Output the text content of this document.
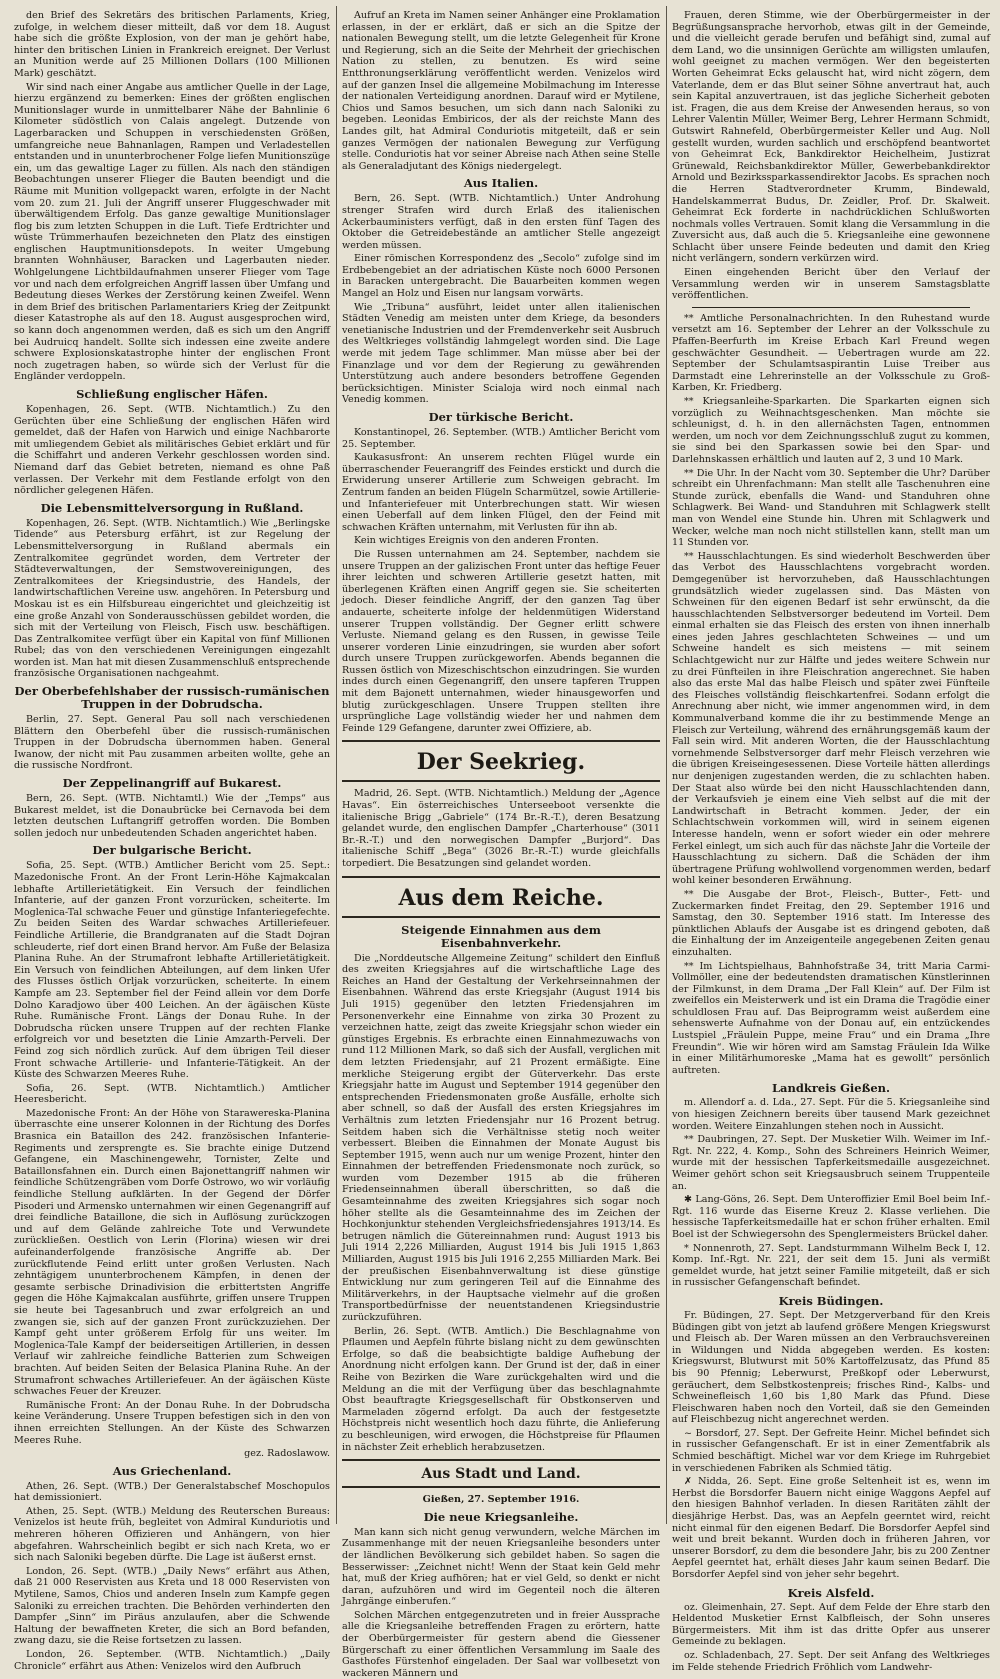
den Brief des Sekretärs des britischen Parlaments, Krieg, zufolge, in welchem dieser mitteilt, daß vor dem 18. August habe sich die größte Explosion, von der man je gehört habe, hinter den britischen Linien in Frankreich ereignet. Der Verlust an Munition werde auf 25 Millionen Dollars (100 Millionen Mark) geschätzt.

Wir sind nach einer Angabe aus amtlicher Quelle in der Lage, hierzu ergänzend zu bemerken: Eines der größten englischen Munitionslager wurde in unmittelbarer Nähe der Bahnlinie 6 Kilometer südöstlich von Calais angelegt. Dutzende von Lagerbaracken und Schuppen in verschiedensten Größen, umfangreiche neue Bahnanlagen, Rampen und Verladestellen entstanden und in ununterbrochener Folge liefen Munitionszüge ein, um das gewaltige Lager zu füllen. Als nach den ständigen Beobachtungen unserer Flieger die Bauten beendigt und die Räume mit Munition vollgepackt waren, erfolgte in der Nacht vom 20. zum 21. Juli der Angriff unserer Fluggeschwader mit überwältigendem Erfolg. Das ganze gewaltige Munitionslager flog bis zum letzten Schuppen in die Luft. Tiefe Erdtrichter und wüste Trümmerhaufen bezeichneten den Platz des einstigen englischen Hauptmunitionsdepots. In weiter Umgebung brannten Wohnhäuser, Baracken und Lagerbauten nieder. Wohlgelungene Lichtbildaufnahmen unserer Flieger vom Tage vor und nach dem erfolgreichen Angriff lassen über Umfang und Bedeutung dieses Werkes der Zerstörung keinen Zweifel. Wenn in dem Brief des britischen Parlamentariers Krieg der Zeitpunkt dieser Katastrophe als auf den 18. August ausgesprochen wird, so kann doch angenommen werden, daß es sich um den Angriff bei Audruicq handelt. Sollte sich indessen eine zweite andere schwere Explosionskatastrophe hinter der englischen Front noch zugetragen haben, so würde sich der Verlust für die Engländer verdoppeln.

Schließung englischer Häfen.

Kopenhagen, 26. Sept. (WTB. Nichtamtlich.) Zu den Gerüchten über eine Schließung der englischen Häfen wird gemeldet, daß der Hafen von Harwich und einige Nachbarorte mit umliegendem Gebiet als militärisches Gebiet erklärt und für die Schiffahrt und anderen Verkehr geschlossen worden sind. Niemand darf das Gebiet betreten, niemand es ohne Paß verlassen. Der Verkehr mit dem Festlande erfolgt von den nördlicher gelegenen Häfen.

Die Lebensmittelversorgung in Rußland.

Kopenhagen, 26. Sept. (WTB. Nichtamtlich.) Wie „Berlingske Tidende“ aus Petersburg erfährt, ist zur Regelung der Lebensmittelversorgung in Rußland abermals ein Zentralkomitee gegründet worden, dem Vertreter der Städteverwaltungen, der Semstwovereinigungen, des Zentralkomitees der Kriegsindustrie, des Handels, der landwirtschaftlichen Vereine usw. angehören. In Petersburg und Moskau ist es ein Hilfsbureau eingerichtet und gleichzeitig ist eine große Anzahl von Sonderausschüssen gebildet worden, die sich mit der Verteilung von Fleisch, Fisch usw. beschäftigen. Das Zentralkomitee verfügt über ein Kapital von fünf Millionen Rubel; das von den verschiedenen Vereinigungen eingezahlt worden ist. Man hat mit diesen Zusammenschluß entsprechende französische Organisationen nachgeahmt.

Der Oberbefehlshaber der russisch-rumänischen Truppen in der Dobrudscha.

Berlin, 27. Sept. General Pau soll nach verschiedenen Blättern den Oberbefehl über die russisch-rumänischen Truppen in der Dobrudscha übernommen haben. General Iwanow, der nicht mit Pau zusammen arbeiten wollte, gehe an die russische Nordfront.

Der Zeppelinangriff auf Bukarest.

Bern, 26. Sept. (WTB. Nichtamtl.) Wie der „Temps“ aus Bukarest meldet, ist die Donaubrücke bei Cernavoda bei dem letzten deutschen Luftangriff getroffen worden. Die Bomben sollen jedoch nur unbedeutenden Schaden angerichtet haben.

Der bulgarische Bericht.

Sofia, 25. Sept. (WTB.) Amtlicher Bericht vom 25. Sept.: Mazedonische Front. An der Front Lerin-Höhe Kajmakcalan lebhafte Artillerietätigkeit. Ein Versuch der feindlichen Infanterie, auf der ganzen Front vorzurücken, scheiterte. Im Moglenica-Tal schwache Feuer und günstige Infanteriegefechte. Zu beiden Seiten des Wardar schwaches Artilleriefeuer. Feindliche Artillerie, die Brandgranaten auf die Stadt Dojran schleuderte, rief dort einen Brand hervor. Am Fuße der Belasiza Planina Ruhe. An der Strumafront lebhafte Artillerietätigkeit. Ein Versuch von feindlichen Abteilungen, auf dem linken Ufer des Flusses östlich Orljak vorzurücken, scheiterte. In einem Kampfe am 23. September fiel der Feind allein vor dem Dorfe Dolno Karadjowo über 400 Leichen. An der ägäischen Küste Ruhe. Rumänische Front. Längs der Donau Ruhe. In der Dobrudscha rücken unsere Truppen auf der rechten Flanke erfolgreich vor und besetzten die Linie Amzarth-Perveli. Der Feind zog sich nördlich zurück. Auf dem übrigen Teil dieser Front schwache Artillerie- und Infanterie-Tätigkeit. An der Küste des Schwarzen Meeres Ruhe.

Sofia, 26. Sept. (WTB. Nichtamtlich.) Amtlicher Heeresbericht.

Mazedonische Front: An der Höhe von Starawereska-Planina überraschte eine unserer Kolonnen in der Richtung des Dorfes Brasnica ein Bataillon des 242. französischen Infanterie-Regiments und zersprengte es. Sie brachte einige Dutzend Gefangene, ein Maschinengewehr, Tornister, Zelte und Bataillonsfahnen ein. Durch einen Bajonettangriff nahmen wir feindliche Schützengräben vom Dorfe Ostrowo, wo wir vorläufig feindliche Stellung aufklärten. In der Gegend der Dörfer Pisoderi und Armensko unternahmen wir einen Gegenangriff auf drei feindliche Bataillone, die sich in Auflösung zurückzogen und auf dem Gelände zahlreiche Tote und Verwundete zurückließen. Oestlich von Lerin (Florina) wiesen wir drei aufeinanderfolgende französische Angriffe ab. Der zurückflutende Feind erlitt unter großen Verlusten. Nach zehntägigem ununterbrochenem Kämpfen, in denen der gesamte serbische Drinadivision die erbittertsten Angriffe gegen die Höhe Kajmakcalan ausführte, griffen unsere Truppen sie heute bei Tagesanbruch und zwar erfolgreich an und zwangen sie, sich auf der ganzen Front zurückzuziehen. Der Kampf geht unter größerem Erfolg für uns weiter. Im Moglenica-Tale Kampf der beiderseitigen Artillerien, in dessen Verlauf wir zahlreiche feindliche Batterien zum Schweigen brachten. Auf beiden Seiten der Belasica Planina Ruhe. An der Strumafront schwaches Artilleriefeuer. An der ägäischen Küste schwaches Feuer der Kreuzer.

Rumänische Front: An der Donau Ruhe. In der Dobrudscha keine Veränderung. Unsere Truppen befestigen sich in den von ihnen erreichten Stellungen. An der Küste des Schwarzen Meeres Ruhe.

gez. Radoslawow.

Aus Griechenland.

Athen, 26. Sept. (WTB.) Der Generalstabschef Moschopulos hat demissioniert.

Athen, 25. Sept. (WTB.) Meldung des Reuterschen Bureaus: Venizelos ist heute früh, begleitet von Admiral Kunduriotis und mehreren höheren Offizieren und Anhängern, von hier abgefahren. Wahrscheinlich begibt er sich nach Kreta, wo er sich nach Saloniki begeben dürfte. Die Lage ist äußerst ernst.

London, 26. Sept. (WTB.) „Daily News“ erfährt aus Athen, daß 21 000 Reservisten aus Kreta und 18 000 Reservisten von Mytilene, Samos, Chios und anderen Inseln zum Kampfe gegen Saloniki zu erreichen trachten. Die Behörden verhinderten den Dampfer „Sinn“ im Piräus anzulaufen, aber die Schwende Haltung der bewaffneten Kreter, die sich an Bord befanden, zwang dazu, sie die Reise fortsetzen zu lassen.

London, 26. September. (WTB. Nichtamtlich.) „Daily Chronicle“ erfährt aus Athen: Venizelos wird den Aufbruch

Aufruf an Kreta im Namen seiner Anhänger eine Proklamation erlassen, in der er erklärt, daß er sich an die Spitze der nationalen Bewegung stellt, um die letzte Gelegenheit für Krone und Regierung, sich an die Seite der Mehrheit der griechischen Nation zu stellen, zu benutzen. Es wird seine Entthronungserklärung veröffentlicht werden. Venizelos wird auf der ganzen Insel die allgemeine Mobilmachung im Interesse der nationalen Verteidigung anordnen. Darauf wird er Mytilene, Chios und Samos besuchen, um sich dann nach Saloniki zu begeben. Leonidas Embiricos, der als der reichste Mann des Landes gilt, hat Admiral Conduriotis mitgeteilt, daß er sein ganzes Vermögen der nationalen Bewegung zur Verfügung stelle. Conduriotis hat vor seiner Abreise nach Athen seine Stelle als Generaladjutant des Königs niedergelegt.

Aus Italien.

Bern, 26. Sept. (WTB. Nichtamtlich.) Unter Androhung strenger Strafen wird durch Erlaß des italienischen Ackerbauministers verfügt, daß in den ersten fünf Tagen des Oktober die Getreidebestände an amtlicher Stelle angezeigt werden müssen.

Einer römischen Korrespondenz des „Secolo“ zufolge sind im Erdbebengebiet an der adriatischen Küste noch 6000 Personen in Baracken untergebracht. Die Bauarbeiten kommen wegen Mangel an Holz und Eisen nur langsam vorwärts.

Wie „Tribuna“ ausführt, leidet unter allen italienischen Städten Venedig am meisten unter dem Kriege, da besonders venetianische Industrien und der Fremdenverkehr seit Ausbruch des Weltkrieges vollständig lahmgelegt worden sind. Die Lage werde mit jedem Tage schlimmer. Man müsse aber bei der Finanzlage und vor dem der Regierung zu gewährenden Unterstützung auch andere besonders betroffene Gegenden berücksichtigen. Minister Scialoja wird noch einmal nach Venedig kommen.

Der türkische Bericht.

Konstantinopel, 26. September. (WTB.) Amtlicher Bericht vom 25. September.

Kaukasusfront: An unserem rechten Flügel wurde ein überraschender Feuerangriff des Feindes erstickt und durch die Erwiderung unserer Artillerie zum Schweigen gebracht. Im Zentrum fanden an beiden Flügeln Scharmützel, sowie Artillerie- und Infanteriefeuer mit Unterbrechungen statt. Wir wiesen einen Ueberfall auf dem linken Flügel, den der Feind mit schwachen Kräften unternahm, mit Verlusten für ihn ab.

Kein wichtiges Ereignis von den anderen Fronten.

Die Russen unternahmen am 24. September, nachdem sie unsere Truppen an der galizischen Front unter das heftige Feuer ihrer leichten und schweren Artillerie gesetzt hatten, mit überlegenen Kräften einen Angriff gegen sie. Sie scheiterten jedoch. Dieser feindliche Angriff, der den ganzen Tag über andauerte, scheiterte infolge der heldenmütigen Widerstand unserer Truppen vollständig. Der Gegner erlitt schwere Verluste. Niemand gelang es den Russen, in gewisse Teile unserer vorderen Linie einzudringen, sie wurden aber sofort durch unsere Truppen zurückgeworfen. Abends begannen die Russen östlich von Mizeschischtschon einzudringen. Sie wurden indes durch einen Gegenangriff, den unsere tapferen Truppen mit dem Bajonett unternahmen, wieder hinausgeworfen und blutig zurückgeschlagen. Unsere Truppen stellten ihre ursprüngliche Lage vollständig wieder her und nahmen dem Feinde 129 Gefangene, darunter zwei Offiziere, ab.

Der Seekrieg.

Madrid, 26. Sept. (WTB. Nichtamtlich.) Meldung der „Agence Havas“. Ein österreichisches Unterseeboot versenkte die italienische Brigg „Gabriele“ (174 Br.-R.-T.), deren Besatzung gelandet wurde, den englischen Dampfer „Charterhouse“ (3011 Br.-R.-T.) und den norwegischen Dampfer „Burjord“. Das italienische Schiff „Bega“ (3026 Br.-R.-T.) wurde gleichfalls torpediert. Die Besatzungen sind gelandet worden.

Aus dem Reiche.
Steigende Einnahmen aus dem Eisenbahnverkehr.

Die „Norddeutsche Allgemeine Zeitung“ schildert den Einfluß des zweiten Kriegsjahres auf die wirtschaftliche Lage des Reiches an Hand der Gestaltung der Verkehrseinnahmen der Eisenbahnen. Während das erste Kriegsjahr (August 1914 bis Juli 1915) gegenüber den letzten Friedensjahren im Personenverkehr eine Einnahme von zirka 30 Prozent zu verzeichnen hatte, zeigt das zweite Kriegsjahr schon wieder ein günstiges Ergebnis. Es erbrachte einen Einnahmezuwachs von rund 112 Millionen Mark, so daß sich der Ausfall, verglichen mit dem letzten Friedensjahr, auf 21 Prozent ermäßigte. Eine merkliche Steigerung ergibt der Güterverkehr. Das erste Kriegsjahr hatte im August und September 1914 gegenüber den entsprechenden Friedensmonaten große Ausfälle, erholte sich aber schnell, so daß der Ausfall des ersten Kriegsjahres im Verhältnis zum letzten Friedensjahr nur 16 Prozent betrug. Seitdem haben sich die Verhältnisse stetig noch weiter verbessert. Bleiben die Einnahmen der Monate August bis September 1915, wenn auch nur um wenige Prozent, hinter den Einnahmen der betreffenden Friedensmonate noch zurück, so wurden vom Dezember 1915 ab die früheren Friedenseinnahmen überall überschritten, so daß die Gesamteinnahme des zweiten Kriegsjahres sich sogar noch höher stellte als die Gesamteinnahme des im Zeichen der Hochkonjunktur stehenden Vergleichsfriedensjahres 1913/14. Es betrugen nämlich die Gütereinnahmen rund: August 1913 bis Juli 1914 2,226 Milliarden, August 1914 bis Juli 1915 1,863 Milliarden, August 1915 bis Juli 1916 2,255 Milliarden Mark. Bei der preußischen Eisenbahnverwaltung ist diese günstige Entwicklung nur zum geringeren Teil auf die Einnahme des Militärverkehrs, in der Hauptsache vielmehr auf die großen Transportbedürfnisse der neuentstandenen Kriegsindustrie zurückzuführen.

Berlin, 26. Sept. (WTB. Amtlich.) Die Beschlagnahme von Pflaumen und Aepfeln führte bislang nicht zu dem gewünschten Erfolge, so daß die beabsichtigte baldige Aufhebung der Anordnung nicht erfolgen kann. Der Grund ist der, daß in einer Reihe von Bezirken die Ware zurückgehalten wird und die Meldung an die mit der Verfügung über das beschlagnahmte Obst beauftragte Kriegsgesellschaft für Obstkonserven und Marmeladen zögernd erfolgt. Da auch der festgesetzte Höchstpreis nicht wesentlich hoch dazu führte, die Anlieferung zu beschleunigen, wird erwogen, die Höchstpreise für Pflaumen in nächster Zeit erheblich herabzusetzen.

Aus Stadt und Land.

Gießen, 27. September 1916.

Die neue Kriegsanleihe.

Man kann sich nicht genug verwundern, welche Märchen im Zusammenhange mit der neuen Kriegsanleihe besonders unter der ländlichen Bevölkerung sich gebildet haben. So sagen die Besserwisser: „Zeichnet nicht! Wenn der Staat kein Geld mehr hat, muß der Krieg aufhören; hat er viel Geld, so denkt er nicht daran, aufzuhören und wird im Gegenteil noch die älteren Jahrgänge einberufen.“

Solchen Märchen entgegenzutreten und in freier Aussprache alle die Kriegsanleihe betreffenden Fragen zu erörtern, hatte der Oberbürgermeister für gestern abend die Giessener Bürgerschaft zu einer öffentlichen Versammlung im Saale des Gasthofes Fürstenhof eingeladen. Der Saal war vollbesetzt von wackeren Männern und

Frauen, deren Stimme, wie der Oberbürgermeister in der Begrüßungsansprache hervorhob, etwas gilt in der Gemeinde, und die vielleicht gerade berufen und befähigt sind, zumal auf dem Land, wo die unsinnigen Gerüchte am willigsten umlaufen, wohl geeignet zu machen vermögen. Wer den begeisterten Worten Geheimrat Ecks gelauscht hat, wird nicht zögern, dem Vaterlande, dem er das Blut seiner Söhne anvertraut hat, auch sein Kapital anzuvertrauen, ist das jegliche Sicherheit geboten ist. Fragen, die aus dem Kreise der Anwesenden heraus, so von Lehrer Valentin Müller, Weimer Berg, Lehrer Hermann Schmidt, Gutswirt Rahnefeld, Oberbürgermeister Keller und Aug. Noll gestellt wurden, wurden sachlich und erschöpfend beantwortet von Geheimrat Eck, Bankdirektor Heichelheim, Justizrat Grünewald, Reichsbankdirektor Müller, Gewerbebankdirektor Arnold und Bezirkssparkassendirektor Jacobs. Es sprachen noch die Herren Stadtverordneter Krumm, Bindewald, Handelskammerrat Budus, Dr. Zeidler, Prof. Dr. Skalweit. Geheimrat Eck forderte in nachdrücklichen Schlußworten nochmals volles Vertrauen. Somit klang die Versammlung in die Zuversicht aus, daß auch die 5. Kriegsanleihe eine gewonnene Schlacht über unsere Feinde bedeuten und damit den Krieg nicht verlängern, sondern verkürzen wird.

Einen eingehenden Bericht über den Verlauf der Versammlung werden wir in unserem Samstagsblatte veröffentlichen.

** Amtliche Personalnachrichten. In den Ruhestand wurde versetzt am 16. September der Lehrer an der Volksschule zu Pfaffen-Beerfurth im Kreise Erbach Karl Freund wegen geschwächter Gesundheit. — Uebertragen wurde am 22. September der Schulamtsaspirantin Luise Treiber aus Darmstadt eine Lehrerinstelle an der Volksschule zu Groß-Karben, Kr. Friedberg.

** Kriegsanleihe-Sparkarten. Die Sparkarten eignen sich vorzüglich zu Weihnachtsgeschenken. Man möchte sie schleunigst, d. h. in den allernächsten Tagen, entnommen werden, um noch vor dem Zeichnungsschluß zugut zu kommen, sie sind bei den Sparkassen sowie bei den Spar- und Darlehnskassen erhältlich und lauten auf 2, 3 und 10 Mark.

** Die Uhr. In der Nacht vom 30. September die Uhr? Darüber schreibt ein Uhrenfachmann: Man stellt alle Taschenuhren eine Stunde zurück, ebenfalls die Wand- und Standuhren ohne Schlagwerk. Bei Wand- und Standuhren mit Schlagwerk stellt man von Wendel eine Stunde hin. Uhren mit Schlagwerk und Wecker, welche man noch nicht stillstellen kann, stellt man um 11 Stunden vor.

** Hausschlachtungen. Es sind wiederholt Beschwerden über das Verbot des Hausschlachtens vorgebracht worden. Demgegenüber ist hervorzuheben, daß Hausschlachtungen grundsätzlich wieder zugelassen sind. Das Mästen von Schweinen für den eigenen Bedarf ist sehr erwünscht, da die hausschlachtenden Selbstversorger bedeutend im Vorteil. Dem einmal erhalten sie das Fleisch des ersten von ihnen innerhalb eines jeden Jahres geschlachteten Schweines — und um Schweine handelt es sich meistens — mit seinem Schlachtgewicht nur zur Hälfte und jedes weitere Schwein nur zu drei Fünfteilen in ihre Fleischration angerechnet. Sie haben also das erste Mal das halbe Fleisch und später zwei Fünfteile des Fleisches vollständig fleischkartenfrei. Sodann erfolgt die Anrechnung aber nicht, wie immer angenommen wird, in dem Kommunalverband komme die ihr zu bestimmende Menge an Fleisch zur Verteilung, während des ernährungsgemäß kaum der Fall sein wird. Mit anderen Worten, die der Hausschlachtung vornehmende Selbstversorger darf mehr Fleisch verzehren wie die übrigen Kreiseingesessenen. Diese Vorteile hätten allerdings nur denjenigen zugestanden werden, die zu schlachten haben. Der Staat also würde bei den nicht Hausschlachtenden dann, der Verkaufsvieh je einem eine Vieh selbst auf die mit der Landwirtschaft in Betracht kommen. Jeder, der ein Schlachtschwein vorkommen will, wird in seinem eigenen Interesse handeln, wenn er sofort wieder ein oder mehrere Ferkel einlegt, um sich auch für das nächste Jahr die Vorteile der Hausschlachtung zu sichern. Daß die Schäden der ihm übertragene Prüfung wohlwollend vorgenommen werden, bedarf wohl keiner besonderen Erwähnung.

** Die Ausgabe der Brot-, Fleisch-, Butter-, Fett- und Zuckermarken findet Freitag, den 29. September 1916 und Samstag, den 30. September 1916 statt. Im Interesse des pünktlichen Ablaufs der Ausgabe ist es dringend geboten, daß die Einhaltung der im Anzeigenteile angegebenen Zeiten genau einzuhalten.

** Im Lichtspielhaus, Bahnhofstraße 34, tritt Maria Carmi-Vollmöller, eine der bedeutendsten dramatischen Künstlerinnen der Filmkunst, in dem Drama „Der Fall Klein“ auf. Der Film ist zweifellos ein Meisterwerk und ist ein Drama die Tragödie einer schuldlosen Frau auf. Das Beiprogramm weist außerdem eine sehenswerte Aufnahme von der Donau auf, ein entzückendes Lustspiel „Fräulein Puppe, meine Frau“ und ein Drama „Ihre Freundin“. Wie wir hören wird am Samstag Fräulein Ida Wilke in einer Militärhumoreske „Mama hat es gewollt“ persönlich auftreten.

Landkreis Gießen.

m. Allendorf a. d. Lda., 27. Sept. Für die 5. Kriegsanleihe sind von hiesigen Zeichnern bereits über tausend Mark gezeichnet worden. Weitere Einzahlungen stehen noch in Aussicht.

** Daubringen, 27. Sept. Der Musketier Wilh. Weimer im Inf.-Rgt. Nr. 222, 4. Komp., Sohn des Schreiners Heinrich Weimer, wurde mit der hessischen Tapferkeitsmedaille ausgezeichnet. Weimer gehört schon seit Kriegsausbruch seinem Truppenteile an.

✱ Lang-Göns, 26. Sept. Dem Unteroffizier Emil Boel beim Inf.-Rgt. 116 wurde das Eiserne Kreuz 2. Klasse verliehen. Die hessische Tapferkeitsmedaille hat er schon früher erhalten. Emil Boel ist der Schwiegersohn des Spenglermeisters Brückel daher.

* Nonnenroth, 27. Sept. Landsturmmann Wilhelm Beck I, 12. Komp. Inf.-Rgt. Nr. 221, der seit dem 15. Juni als vermißt gemeldet wurde, hat jetzt seiner Familie mitgeteilt, daß er sich in russischer Gefangenschaft befindet.

Kreis Büdingen.

Fr. Büdingen, 27. Sept. Der Metzgerverband für den Kreis Büdingen gibt von jetzt ab laufend größere Mengen Kriegswurst und Fleisch ab. Der Waren müssen an den Verbrauchsvereinen in Wildungen und Nidda abgegeben werden. Es kosten: Kriegswurst, Blutwurst mit 50% Kartoffelzusatz, das Pfund 85 bis 90 Pfennig; Leberwurst, Preßkopf oder Leberwurst, geräuchert, dem Selbstkostenpreis; frisches Rind-, Kalbs- und Schweinefleisch 1,60 bis 1,80 Mark das Pfund. Diese Fleischwaren haben noch den Vorteil, daß sie den Gemeinden auf Fleischbezug nicht angerechnet werden.

~ Borsdorf, 27. Sept. Der Gefreite Heinr. Michel befindet sich in russischer Gefangenschaft. Er ist in einer Zementfabrik als Schmied beschäftigt. Michel war vor dem Kriege im Ruhrgebiet in verschiedenen Fabriken als Schmied tätig.

✗ Nidda, 26. Sept. Eine große Seltenheit ist es, wenn im Herbst die Borsdorfer Bauern nicht einige Waggons Aepfel auf den hiesigen Bahnhof verladen. In diesen Raritäten zählt der diesjährige Herbst. Das, was an Aepfeln geerntet wird, reicht nicht einmal für den eigenen Bedarf. Die Borsdorfer Aepfel sind weit und breit bekannt. Wurden doch in früheren Jahren, vor unserer Borsdorf, zu dem die besondere Jahr, bis zu 200 Zentner Aepfel geerntet hat, erhält dieses Jahr kaum seinen Bedarf. Die Borsdorfer Aepfel sind von jeher sehr begehrt.

Kreis Alsfeld.

oz. Gleimenhain, 27. Sept. Auf dem Felde der Ehre starb den Heldentod Musketier Ernst Kalbfleisch, der Sohn unseres Bürgermeisters. Mit ihm ist das dritte Opfer aus unserer Gemeinde zu beklagen.

oz. Schladenbach, 27. Sept. Der seit Anfang des Weltkrieges im Felde stehende Friedrich Fröhlich vom Landwehr-
